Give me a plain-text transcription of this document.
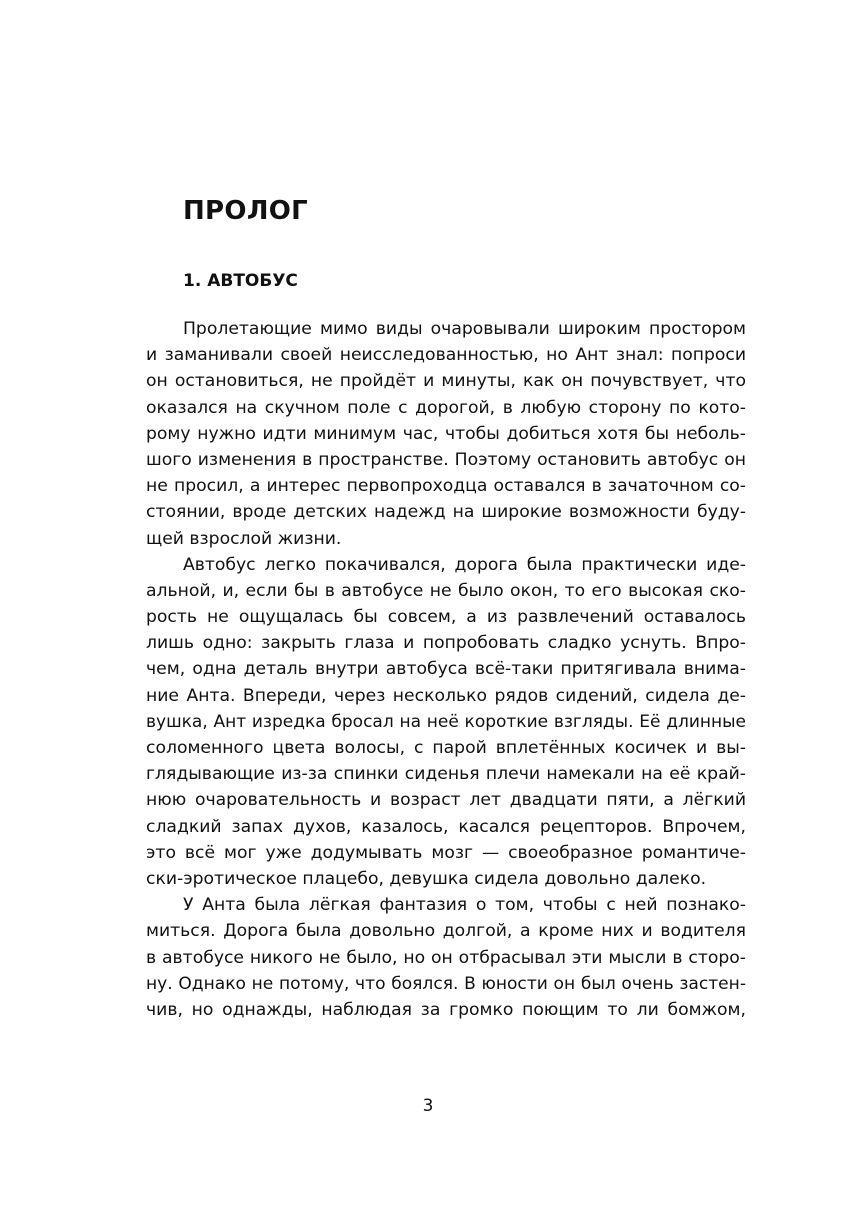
ПРОЛОГ
1. АВТОБУС
Пролетающие мимо виды очаровывали широким простором
и заманивали своей неисследованностью, но Ант знал: попроси
он остановиться, не пройдёт и минуты, как он почувствует, что
оказался на скучном поле с дорогой, в любую сторону по кото-
рому нужно идти минимум час, чтобы добиться хотя бы неболь-
шого изменения в пространстве. Поэтому остановить автобус он
не просил, а интерес первопроходца оставался в зачаточном со-
стоянии, вроде детских надежд на широкие возможности буду-
щей взрослой жизни.
Автобус легко покачивался, дорога была практически иде-
альной, и, если бы в автобусе не было окон, то его высокая ско-
рость не ощущалась бы совсем, а из развлечений оставалось
лишь одно: закрыть глаза и попробовать сладко уснуть. Впро-
чем, одна деталь внутри автобуса всё-таки притягивала внима-
ние Анта. Впереди, через несколько рядов сидений, сидела де-
вушка, Ант изредка бросал на неё короткие взгляды. Её длинные
соломенного цвета волосы, с парой вплетённых косичек и вы-
глядывающие из-за спинки сиденья плечи намекали на её край-
нюю очаровательность и возраст лет двадцати пяти, а лёгкий
сладкий запах духов, казалось, касался рецепторов. Впрочем,
это всё мог уже додумывать мозг — своеобразное романтиче-
ски-эротическое плацебо, девушка сидела довольно далеко.
У Анта была лёгкая фантазия о том, чтобы с ней познако-
миться. Дорога была довольно долгой, а кроме них и водителя
в автобусе никого не было, но он отбрасывал эти мысли в сторо-
ну. Однако не потому, что боялся. В юности он был очень застен-
чив, но однажды, наблюдая за громко поющим то ли бомжом,
3
